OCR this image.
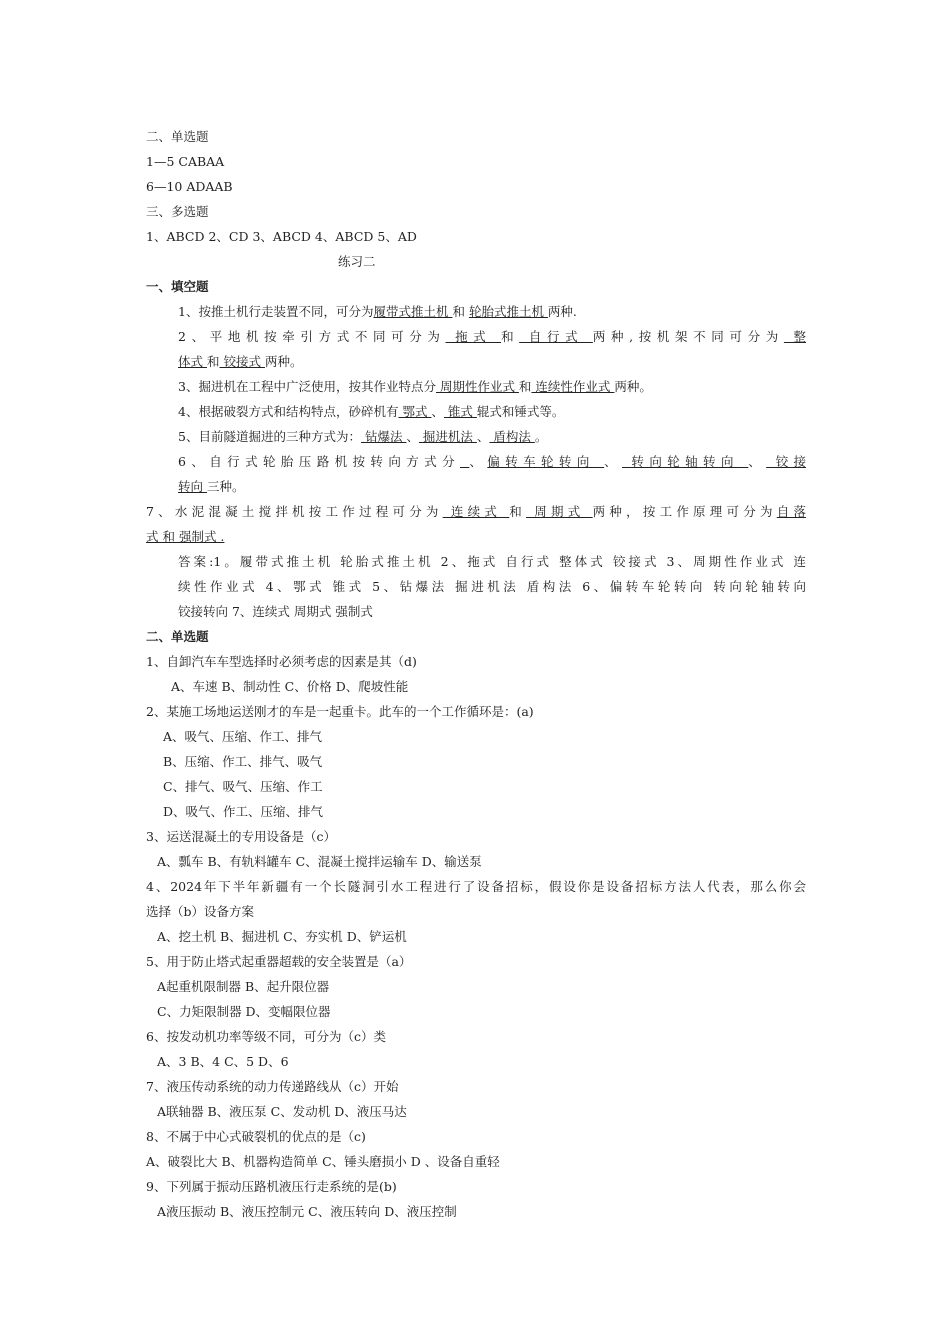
二、单选题
1—5 CABAA
6—10 ADAAB
三、多选题
1、ABCD 2、CD 3、ABCD 4、ABCD 5、AD
练习二
一、填空题
1、按推土机行走装置不同，可分为履带式推土机 和 轮胎式推土机 两种.
2、平地机按牵引方式不同可分为 拖式 和 自行式 两种,按机架不同可分为 整
体式 和 铰接式 两种。
3、掘进机在工程中广泛使用，按其作业特点分 周期性作业式 和 连续性作业式 两种。
4、根据破裂方式和结构特点，砂碎机有 鄂式 、 锥式 辊式和锤式等。
5、目前隧道掘进的三种方式为： 钻爆法 、 掘进机法 、 盾构法 。
6、自行式轮胎压路机按转向方式分 、偏转车轮转向 、 转向轮轴转向 、 铰接
转向 三种。
7、水泥混凝土搅拌机按工作过程可分为 连续式 和 周期式 两种，按工作原理可分为自落
式 和 强制式 .
答案:1。履带式推土机 轮胎式推土机 2、拖式 自行式 整体式 铰接式 3、周期性作业式 连
续性作业式 4、鄂式 锥式 5、钻爆法 掘进机法 盾构法 6、偏转车轮转向 转向轮轴转向
铰接转向 7、连续式 周期式 强制式
二、单选题
1、自卸汽车车型选择时必须考虑的因素是其（d)
A、车速 B、制动性 C、价格 D、爬坡性能
2、某施工场地运送刚才的车是一起重卡。此车的一个工作循环是：(a)
A、吸气、压缩、作工、排气
B、压缩、作工、排气、吸气
C、排气、吸气、压缩、作工
D、吸气、作工、压缩、排气
3、运送混凝土的专用设备是（c）
A、瓢车 B、有轨料罐车 C、混凝土搅拌运输车 D、输送泵
4、2024年下半年新疆有一个长隧洞引水工程进行了设备招标，假设你是设备招标方法人代表，那么你会
选择（b）设备方案
A、挖土机 B、掘进机 C、夯实机 D、铲运机
5、用于防止塔式起重器超载的安全装置是（a）
A起重机限制器 B、起升限位器
C、力矩限制器 D、变幅限位器
6、按发动机功率等级不同，可分为（c）类
A、3 B、4 C、5 D、6
7、液压传动系统的动力传递路线从（c）开始
A联轴器 B、液压泵 C、发动机 D、液压马达
8、不属于中心式破裂机的优点的是（c)
A、破裂比大 B、机器构造简单 C、锤头磨损小 D 、设备自重轻
9、下列属于振动压路机液压行走系统的是(b)
A液压振动 B、液压控制元 C、液压转向 D、液压控制
